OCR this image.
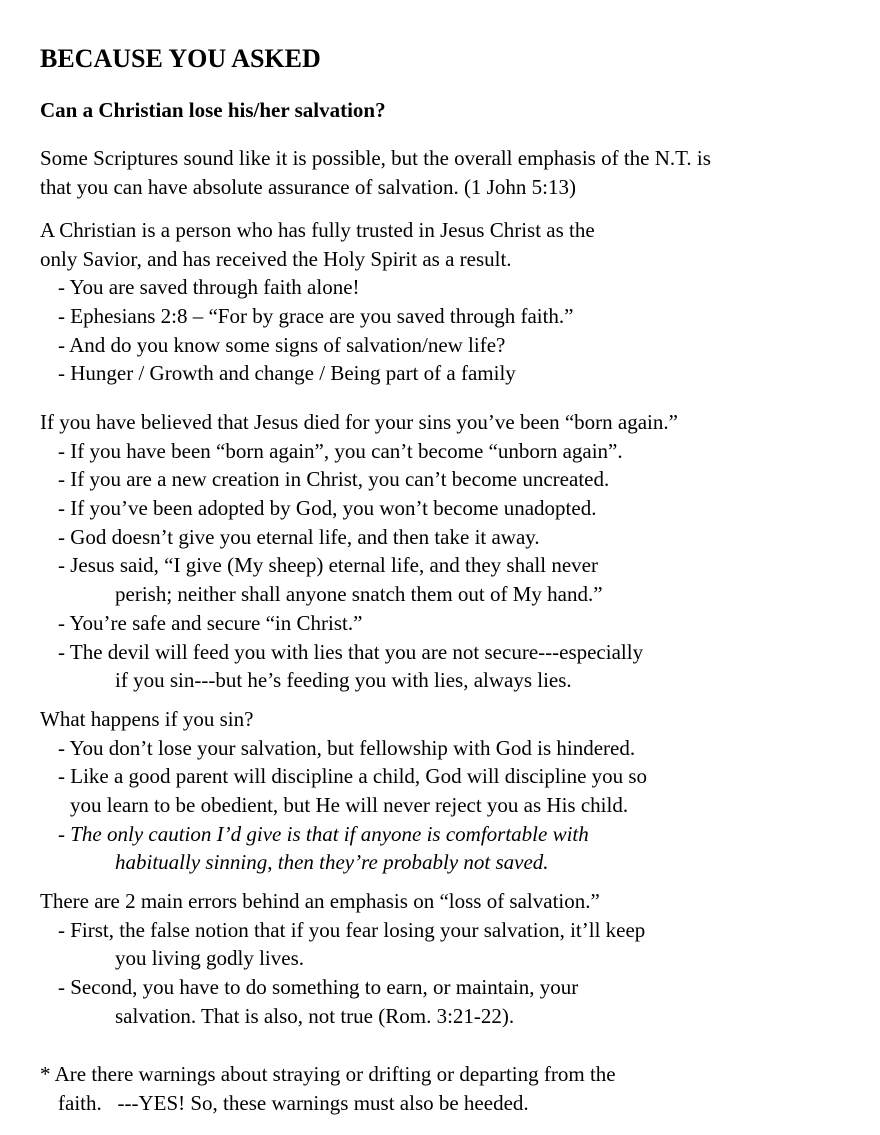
BECAUSE YOU ASKED
Can a Christian lose his/her salvation?
Some Scriptures sound like it is possible, but the overall emphasis of the N.T. is
that you can have absolute assurance of salvation. (1 John 5:13)
A Christian is a person who has fully trusted in Jesus Christ as the
only Savior, and has received the Holy Spirit as a result.
- You are saved through faith alone!
- Ephesians 2:8 – “For by grace are you saved through faith.”
- And do you know some signs of salvation/new life?
- Hunger / Growth and change / Being part of a family
If you have believed that Jesus died for your sins you’ve been “born again.”
- If you have been “born again”, you can’t become “unborn again”.
- If you are a new creation in Christ, you can’t become uncreated.
- If you’ve been adopted by God, you won’t become unadopted.
- God doesn’t give you eternal life, and then take it away.
- Jesus said, “I give (My sheep) eternal life, and they shall never
perish; neither shall anyone snatch them out of My hand.”
- You’re safe and secure “in Christ.”
- The devil will feed you with lies that you are not secure---especially
if you sin---but he’s feeding you with lies, always lies.
What happens if you sin?
- You don’t lose your salvation, but fellowship with God is hindered.
- Like a good parent will discipline a child, God will discipline you so
you learn to be obedient, but He will never reject you as His child.
- The only caution I’d give is that if anyone is comfortable with
habitually sinning, then they’re probably not saved.
There are 2 main errors behind an emphasis on “loss of salvation.”
- First, the false notion that if you fear losing your salvation, it’ll keep
you living godly lives.
- Second, you have to do something to earn, or maintain, your
salvation. That is also, not true (Rom. 3:21-22).
* Are there warnings about straying or drifting or departing from the
faith.   ---YES! So, these warnings must also be heeded.
